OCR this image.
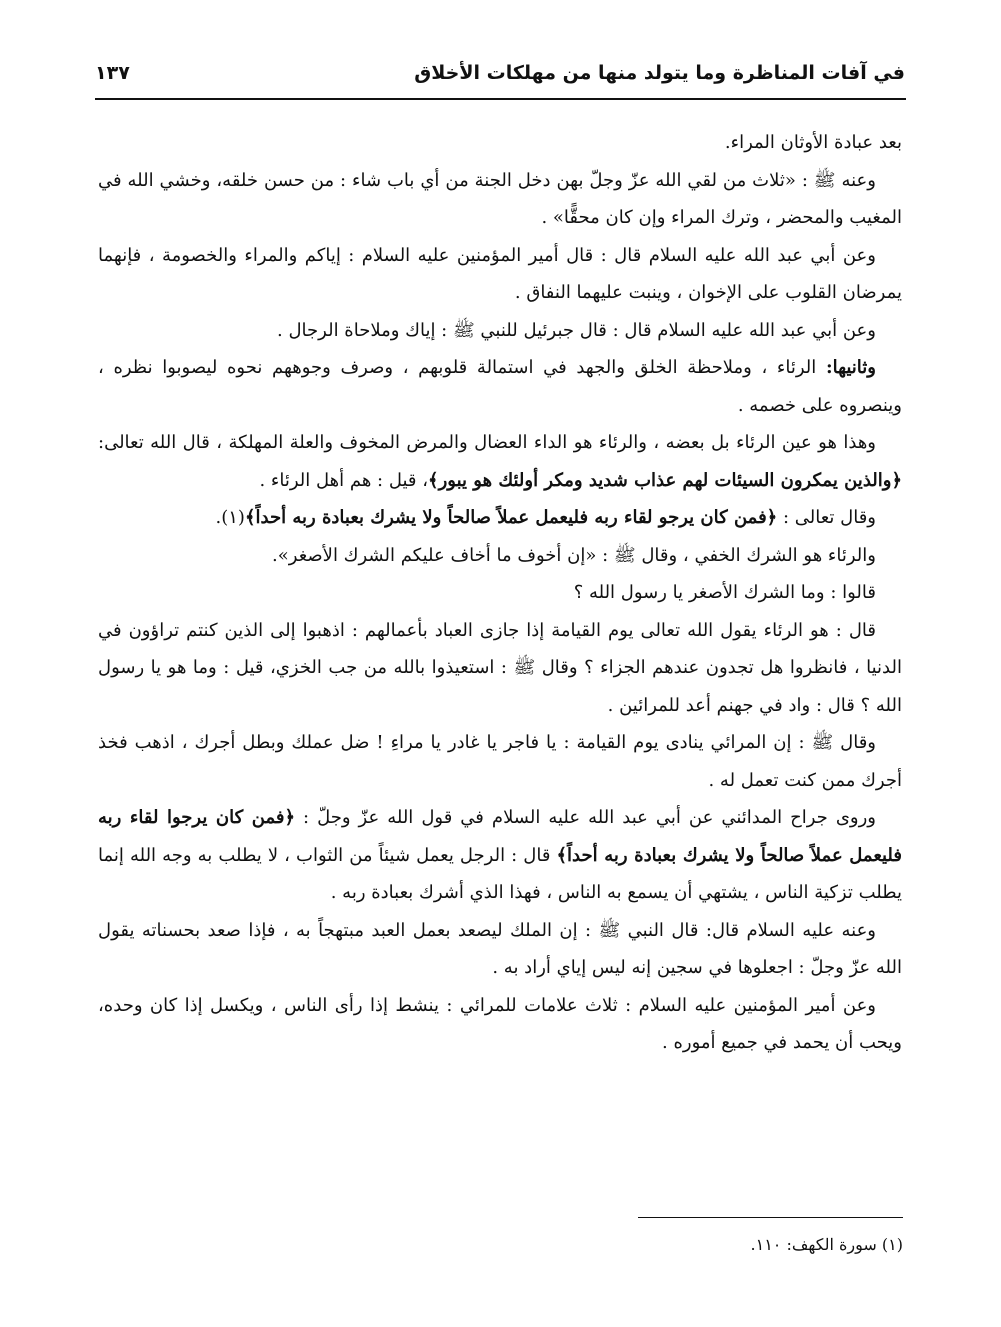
في آفات المناظرة وما يتولد منها من مهلكات الأخلاق
١٣٧

بعد عبادة الأوثان المراء.

وعنه ﷺ : «ثلاث من لقي الله عزّ وجلّ بهن دخل الجنة من أي باب شاء : من حسن خلقه، وخشي الله في المغيب والمحضر ، وترك المراء وإن كان محقًّا» .

وعن أبي عبد الله عليه السلام قال : قال أمير المؤمنين عليه السلام : إياكم والمراء والخصومة ، فإنهما يمرضان القلوب على الإخوان ، وينبت عليهما النفاق .

وعن أبي عبد الله عليه السلام قال : قال جبرئيل للنبي ﷺ : إياك وملاحاة الرجال .

وثانيها: الرئاء ، وملاحظة الخلق والجهد في استمالة قلوبهم ، وصرف وجوههم نحوه ليصوبوا نظره ، وينصروه على خصمه .

وهذا هو عين الرئاء بل بعضه ، والرئاء هو الداء العضال والمرض المخوف والعلة المهلكة ، قال الله تعالى: ﴿والذين يمكرون السيئات لهم عذاب شديد ومكر أولئك هو يبور﴾، قيل : هم أهل الرئاء .

وقال تعالى : ﴿فمن كان يرجو لقاء ربه فليعمل عملاً صالحاً ولا يشرك بعبادة ربه أحداً﴾(١).

والرئاء هو الشرك الخفي ، وقال ﷺ : «إن أخوف ما أخاف عليكم الشرك الأصغر».

قالوا : وما الشرك الأصغر يا رسول الله ؟

قال : هو الرئاء يقول الله تعالى يوم القيامة إذا جازى العباد بأعمالهم : اذهبوا إلى الذين كنتم تراؤون في الدنيا ، فانظروا هل تجدون عندهم الجزاء ؟ وقال ﷺ : استعيذوا بالله من جب الخزي، قيل : وما هو يا رسول الله ؟ قال : واد في جهنم أعد للمرائين .

وقال ﷺ : إن المرائي ينادى يوم القيامة : يا فاجر يا غادر يا مراءِ ! ضل عملك وبطل أجرك ، اذهب فخذ أجرك ممن كنت تعمل له .

وروى جراح المدائني عن أبي عبد الله عليه السلام في قول الله عزّ وجلّ : ﴿فمن كان يرجوا لقاء ربه فليعمل عملاً صالحاً ولا يشرك بعبادة ربه أحداً﴾ قال : الرجل يعمل شيئاً من الثواب ، لا يطلب به وجه الله إنما يطلب تزكية الناس ، يشتهي أن يسمع به الناس ، فهذا الذي أشرك بعبادة ربه .

وعنه عليه السلام قال: قال النبي ﷺ : إن الملك ليصعد بعمل العبد مبتهجاً به ، فإذا صعد بحسناته يقول الله عزّ وجلّ : اجعلوها في سجين إنه ليس إياي أراد به .

وعن أمير المؤمنين عليه السلام : ثلاث علامات للمرائي : ينشط إذا رأى الناس ، ويكسل إذا كان وحده، ويحب أن يحمد في جميع أموره .

(١) سورة الكهف: ١١٠.
